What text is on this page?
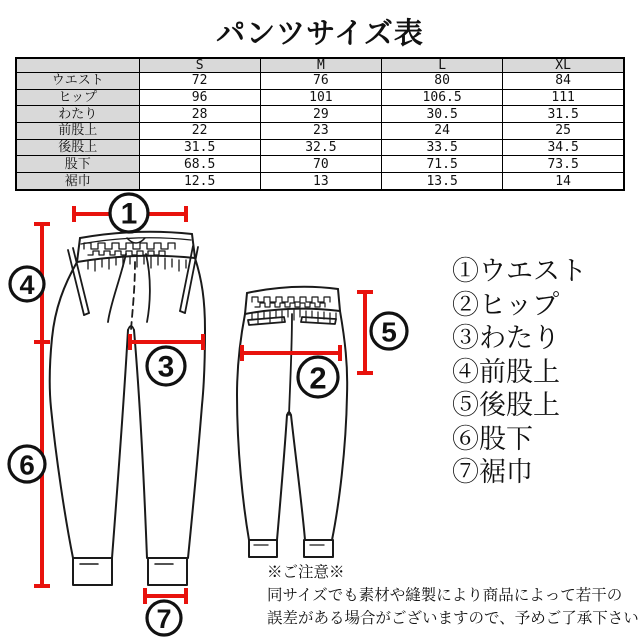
パンツサイズ表
	S	M	L	XL
ウエスト	72	76	80	84
ヒップ	96	101	106.5	111
わたり	28	29	30.5	31.5
前股上	22	23	24	25
後股上	31.5	32.5	33.5	34.5
股下	68.5	70	71.5	73.5
裾巾	12.5	13	13.5	14
1
4
3
6
7
2
5
①ウエスト
②ヒップ
③わたり
④前股上
⑤後股上
⑥股下
⑦裾巾

※ご注意※

同サイズでも素材や縫製により商品によって若干の

誤差がある場合がございますので、予めご了承下さい
